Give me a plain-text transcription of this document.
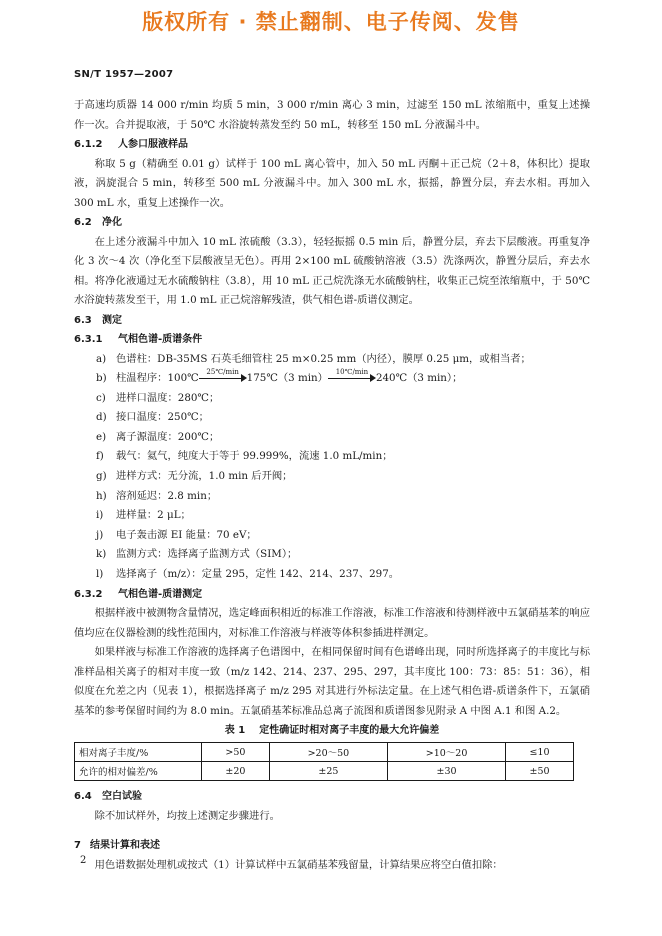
版权所有 · 禁止翻制、电子传阅、发售
SN/T 1957—2007

于高速均质器 14 000 r/min 均质 5 min，3 000 r/min 离心 3 min，过滤至 150 mL 浓缩瓶中，重复上述操作一次。合并提取液，于 50℃ 水浴旋转蒸发至约 50 mL，转移至 150 mL 分液漏斗中。

6.1.2 人参口服液样品

称取 5 g（精确至 0.01 g）试样于 100 mL 离心管中，加入 50 mL 丙酮＋正己烷（2＋8，体积比）提取液，涡旋混合 5 min，转移至 500 mL 分液漏斗中。加入 300 mL 水，振摇，静置分层，弃去水相。再加入 300 mL 水，重复上述操作一次。

6.2 净化

在上述分液漏斗中加入 10 mL 浓硫酸（3.3），轻轻振摇 0.5 min 后，静置分层，弃去下层酸液。再重复净化 3 次～4 次（净化至下层酸液呈无色）。再用 2×100 mL 硫酸钠溶液（3.5）洗涤两次，静置分层后，弃去水相。将净化液通过无水硫酸钠柱（3.8），用 10 mL 正己烷洗涤无水硫酸钠柱，收集正己烷至浓缩瓶中，于 50℃ 水浴旋转蒸发至干，用 1.0 mL 正己烷溶解残渣，供气相色谱-质谱仪测定。

6.3 测定
6.3.1 气相色谱-质谱条件
a) 色谱柱：DB-35MS 石英毛细管柱 25 m×0.25 mm（内径），膜厚 0.25 μm，或相当者；
b) 柱温程序：100℃	25℃/min 175℃（3 min）	10℃/min 240℃（3 min）；
c) 进样口温度：280℃；
d) 接口温度：250℃；
e) 离子源温度：200℃；
f) 载气：氦气，纯度大于等于 99.999%，流速 1.0 mL/min；
g) 进样方式：无分流，1.0 min 后开阀；
h) 溶剂延迟：2.8 min；
i) 进样量：2 μL；
j) 电子轰击源 EI 能量：70 eV；
k) 监测方式：选择离子监测方式（SIM）；
l) 选择离子（m/z）：定量 295，定性 142、214、237、297。
6.3.2 气相色谱-质谱测定

根据样液中被测物含量情况，选定峰面积相近的标准工作溶液，标准工作溶液和待测样液中五氯硝基苯的响应值均应在仪器检测的线性范围内，对标准工作溶液与样液等体积参插进样测定。

如果样液与标准工作溶液的选择离子色谱图中，在相同保留时间有色谱峰出现，同时所选择离子的丰度比与标准样品相关离子的相对丰度一致（m/z 142、214、237、295、297，其丰度比 100：73：85：51：36），相似度在允差之内（见表 1），根据选择离子 m/z 295 对其进行外标法定量。在上述气相色谱-质谱条件下，五氯硝基苯的参考保留时间约为 8.0 min。五氯硝基苯标准品总离子流图和质谱图参见附录 A 中图 A.1 和图 A.2。

表 1 定性确证时相对离子丰度的最大允许偏差
相对离子丰度/%	>50	>20～50	>10～20	≤10
允许的相对偏差/%	±20	±25	±30	±50
6.4 空白试验

除不加试样外，均按上述测定步骤进行。

7 结果计算和表述

用色谱数据处理机或按式（1）计算试样中五氯硝基苯残留量，计算结果应将空白值扣除：

2
